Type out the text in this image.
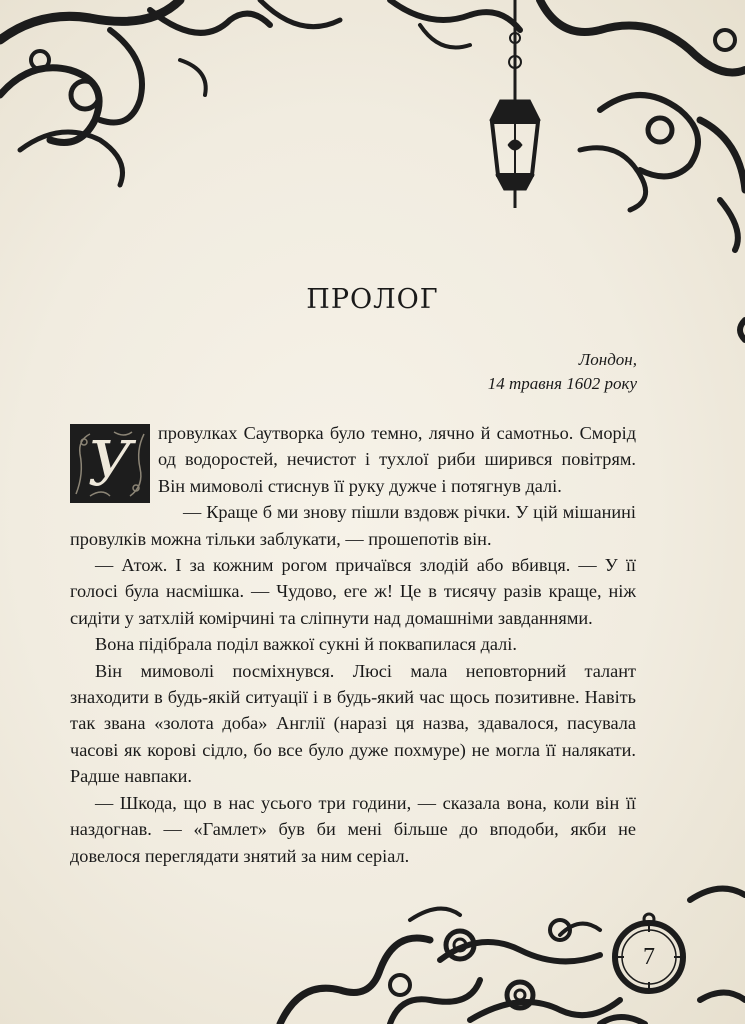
ПРОЛОГ
Лондон,
14 травня 1602 року
У	провулках Саутворка було темно, лячно й самотньо. Сморід од водоростей, нечистот і тухлої риби ширився повітрям. Він мимоволі стиснув її руку дужче і потягнув далі.

— Краще б ми знову пішли вздовж річки. У цій мішанині провулків можна тільки заблукати, — прошепотів він.

— Атож. І за кожним рогом причаївся злодій або вбивця. — У її голосі була насмішка. — Чудово, еге ж! Це в тисячу разів краще, ніж сидіти у затхлій комірчині та сліпнути над домашніми завданнями.

Вона підібрала поділ важкої сукні й поквапилася далі.

Він мимоволі посміхнувся. Люсі мала неповторний талант знаходити в будь-якій ситуації і в будь-який час щось позитивне. Навіть так звана «золота доба» Англії (наразі ця назва, здавалося, пасувала часові як корові сідло, бо все було дуже похмуре) не могла її налякати. Радше навпаки.

— Шкода, що в нас усього три години, — сказала вона, коли він її наздогнав. — «Гамлет» був би мені більше до вподоби, якби не довелося переглядати знятий за ним серіал.

7
